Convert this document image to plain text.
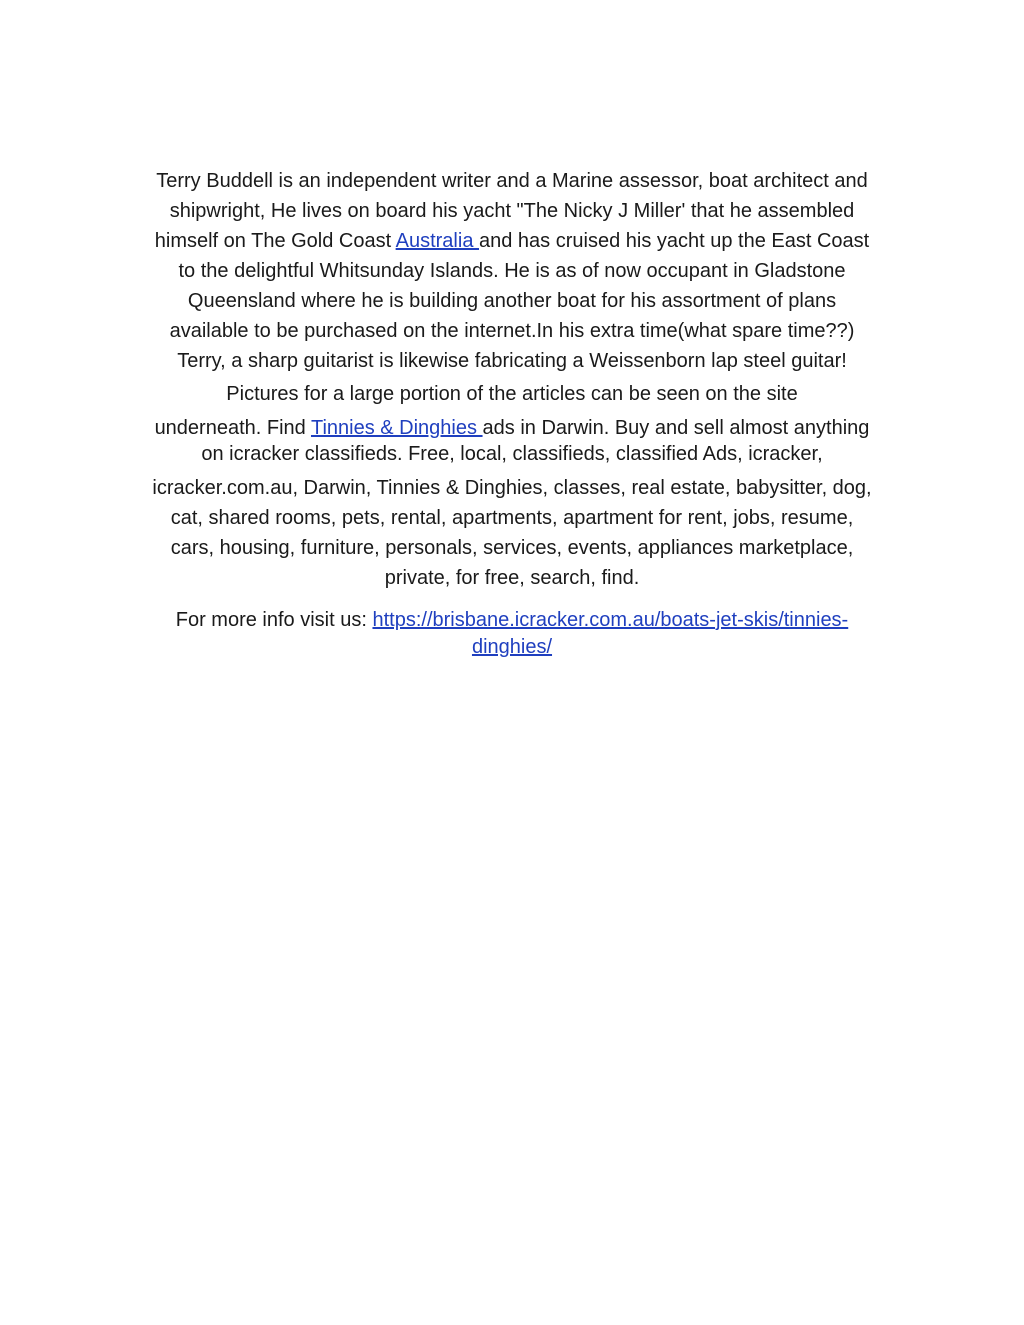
Terry Buddell is an independent writer and a Marine assessor, boat architect and
shipwright, He lives on board his yacht "The Nicky J Miller' that he assembled
himself on The Gold Coast Australia and has cruised his yacht up the East Coast
to the delightful Whitsunday Islands. He is as of now occupant in Gladstone
Queensland where he is building another boat for his assortment of plans
available to be purchased on the internet.In his extra time(what spare time??)
Terry, a sharp guitarist is likewise fabricating a Weissenborn lap steel guitar!
Pictures for a large portion of the articles can be seen on the site
underneath. Find Tinnies & Dinghies ads in Darwin. Buy and sell almost anything
on icracker classifieds. Free, local, classifieds, classified Ads, icracker,
icracker.com.au, Darwin, Tinnies & Dinghies, classes, real estate, babysitter, dog,
cat, shared rooms, pets, rental, apartments, apartment for rent, jobs, resume,
cars, housing, furniture, personals, services, events, appliances marketplace,
private, for free, search, find.
For more info visit us: https://brisbane.icracker.com.au/boats-jet-skis/tinnies-
dinghies/
